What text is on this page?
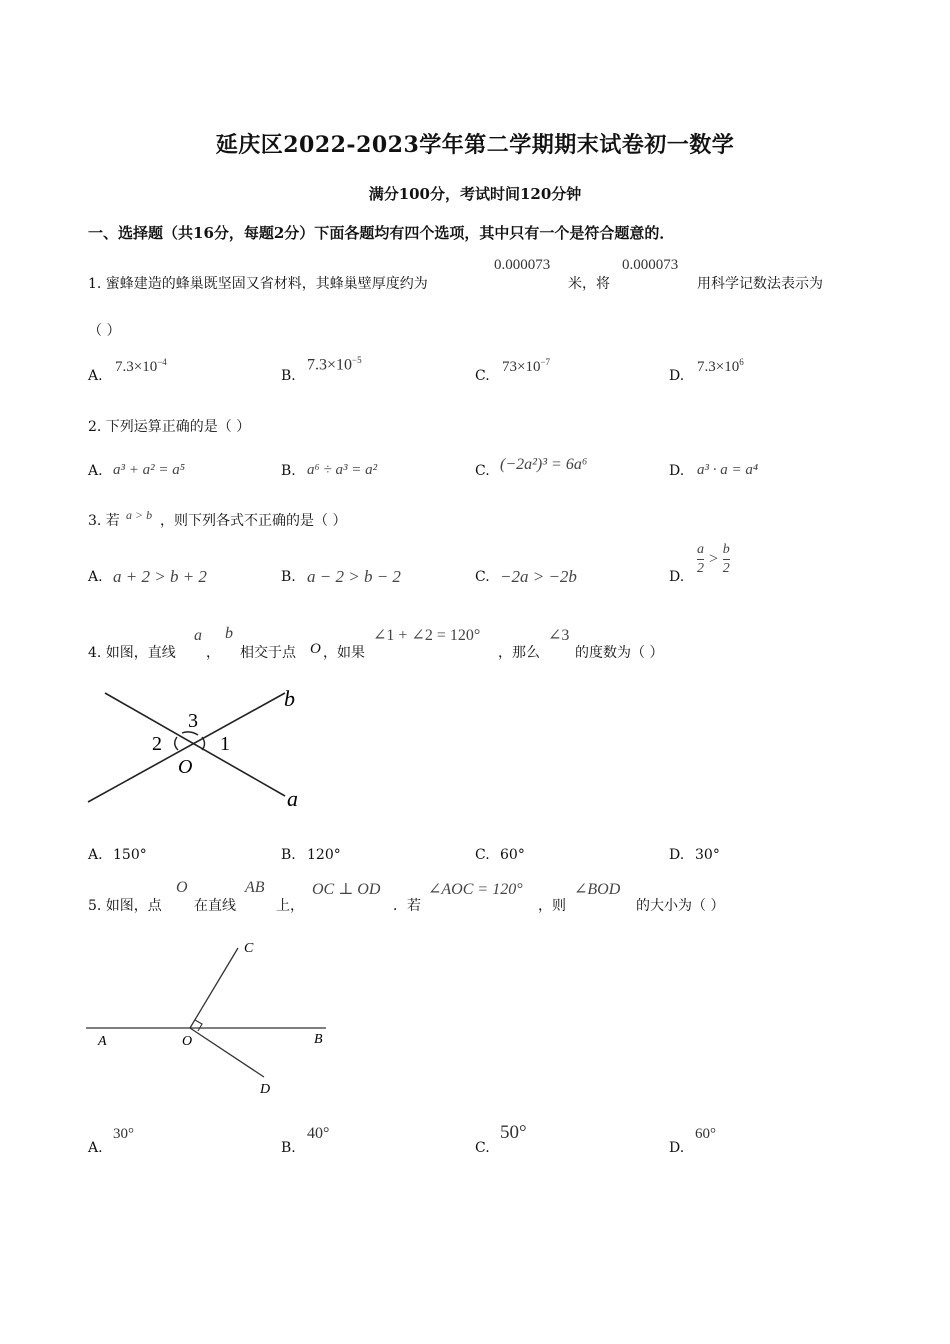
延庆区2022-2023学年第二学期期末试卷初一数学
满分100分，考试时间120分钟
一、选择题（共16分，每题2分）下面各题均有四个选项，其中只有一个是符合题意的．
1. 蜜蜂建造的蜂巢既坚固又省材料，其蜂巢壁厚度约为
0.000073
米，将
0.000073
用科学记数法表示为
（ ）
A.
$7.3\times 10^{-4}$
B.
$7.3\times 10^{-5}$
C.
$73\times 10^{-7}$
D.
$7.3\times 10^6$
2. 下列运算正确的是（ ）
A. a³ + a² = a⁵	B. a⁶ ÷ a³ = a²	C. (−2a²)³ = 6a⁶	D. a³ · a = a⁴
3. 若 a > b ，则下列各式不正确的是（ ）
A. a + 2 > b + 2	B. a − 2 > b − 2	C. −2a > −2b	D.
$\frac{a}{2} > \frac{b}{2}$
4. 如图，直线
a
，
b
相交于点 O ，如果
∠1 + ∠2 = 120°
，那么
∠3
的度数为（ ）
3
2	1
O
b
a
A. 150°	B. 120°	C. 60°	D. 30°
5. 如图，点
O
在直线
AB
上，
OC ⊥ OD
．若
∠AOC = 120°
，则
∠BOD
的大小为（ ）
C
A	O	B
D
A.
30°
B.
40°
C.
50°
D.
60°
